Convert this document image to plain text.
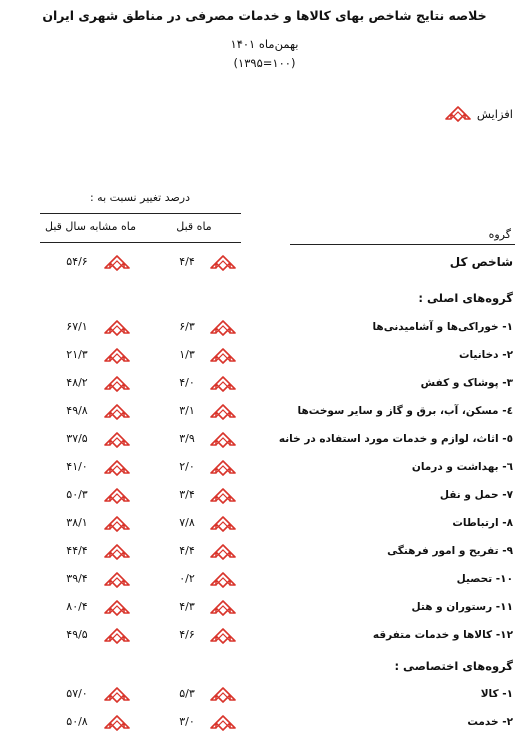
خلاصه نتایج شاخص بهای کالاها و خدمات مصرفی در مناطق شهری ایران
بهمن‌ماه ۱۴۰۱
(۱۰۰=۱۳۹۵)
افزایش
درصد تغییر نسبت به :
ماه قبل
ماه مشابه سال قبل
گروه
شاخص کل
۴/۴
۵۴/۶
گروه‌های اصلی :
۱- خوراکی‌ها و آشامیدنی‌ها
۶/۳
۶۷/۱
۲- دخانیات
۱/۳
۲۱/۳
۳- پوشاک و کفش
۴/۰
۴۸/۲
٤- مسکن، آب، برق و گاز و سایر سوخت‌ها
۳/۱
۴۹/۸
٥- اثاث، لوازم و خدمات مورد استفاده در خانه
۳/۹
۳۷/۵
٦- بهداشت و درمان
۲/۰
۴۱/۰
۷- حمل و نقل
۳/۴
۵۰/۳
۸- ارتباطات
۷/۸
۳۸/۱
۹- تفریح و امور فرهنگی
۴/۴
۴۴/۴
۱۰- تحصیل
۰/۲
۳۹/۴
۱۱- رستوران و هتل
۴/۳
۸۰/۴
۱۲- کالاها و خدمات متفرقه
۴/۶
۴۹/۵
گروه‌های اختصاصی :
۱- کالا
۵/۳
۵۷/۰
۲- خدمت
۳/۰
۵۰/۸
